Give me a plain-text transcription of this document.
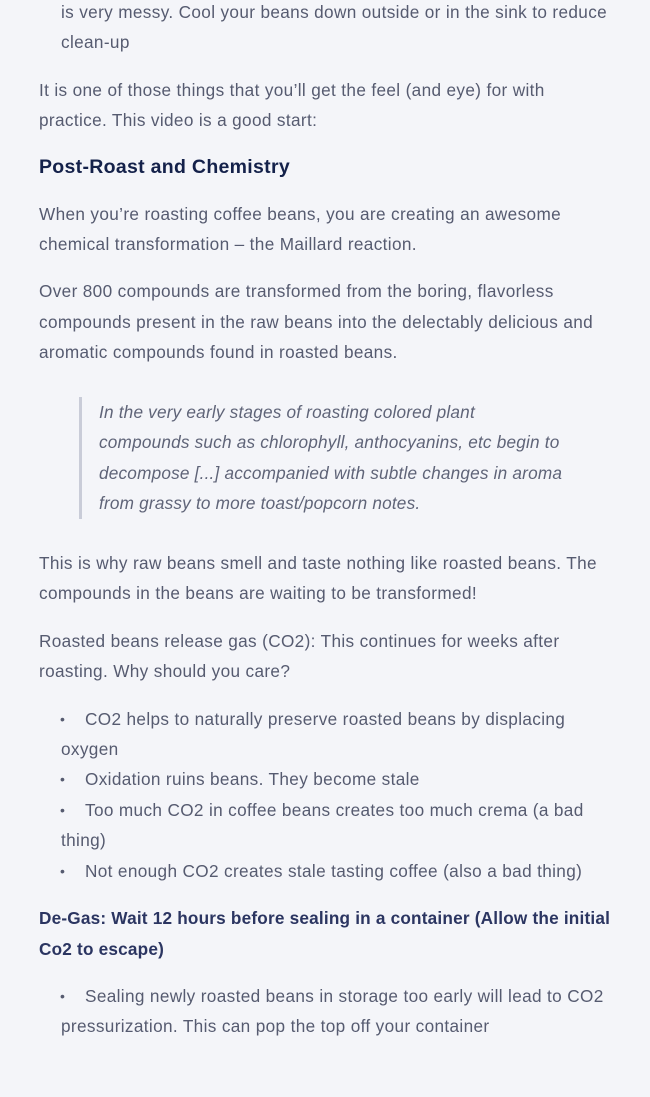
is very messy. Cool your beans down outside or in the sink to reduce clean-up

It is one of those things that you’ll get the feel (and eye) for with practice. This video is a good start:

Post-Roast and Chemistry

When you’re roasting coffee beans, you are creating an awesome chemical transformation – the Maillard reaction.

Over 800 compounds are transformed from the boring, flavorless compounds present in the raw beans into the delectably delicious and aromatic compounds found in roasted beans.

In the very early stages of roasting colored plant compounds such as chlorophyll, anthocyanins, etc begin to decompose [...] accompanied with subtle changes in aroma from grassy to more toast/popcorn notes.

This is why raw beans smell and taste nothing like roasted beans. The compounds in the beans are waiting to be transformed!

Roasted beans release gas (CO2): This continues for weeks after roasting. Why should you care?

• CO2 helps to naturally preserve roasted beans by displacing oxygen
• Oxidation ruins beans. They become stale
• Too much CO2 in coffee beans creates too much crema (a bad thing)
• Not enough CO2 creates stale tasting coffee (also a bad thing)

De-Gas: Wait 12 hours before sealing in a container (Allow the initial Co2 to escape)

• Sealing newly roasted beans in storage too early will lead to CO2 pressurization. This can pop the top off your container
